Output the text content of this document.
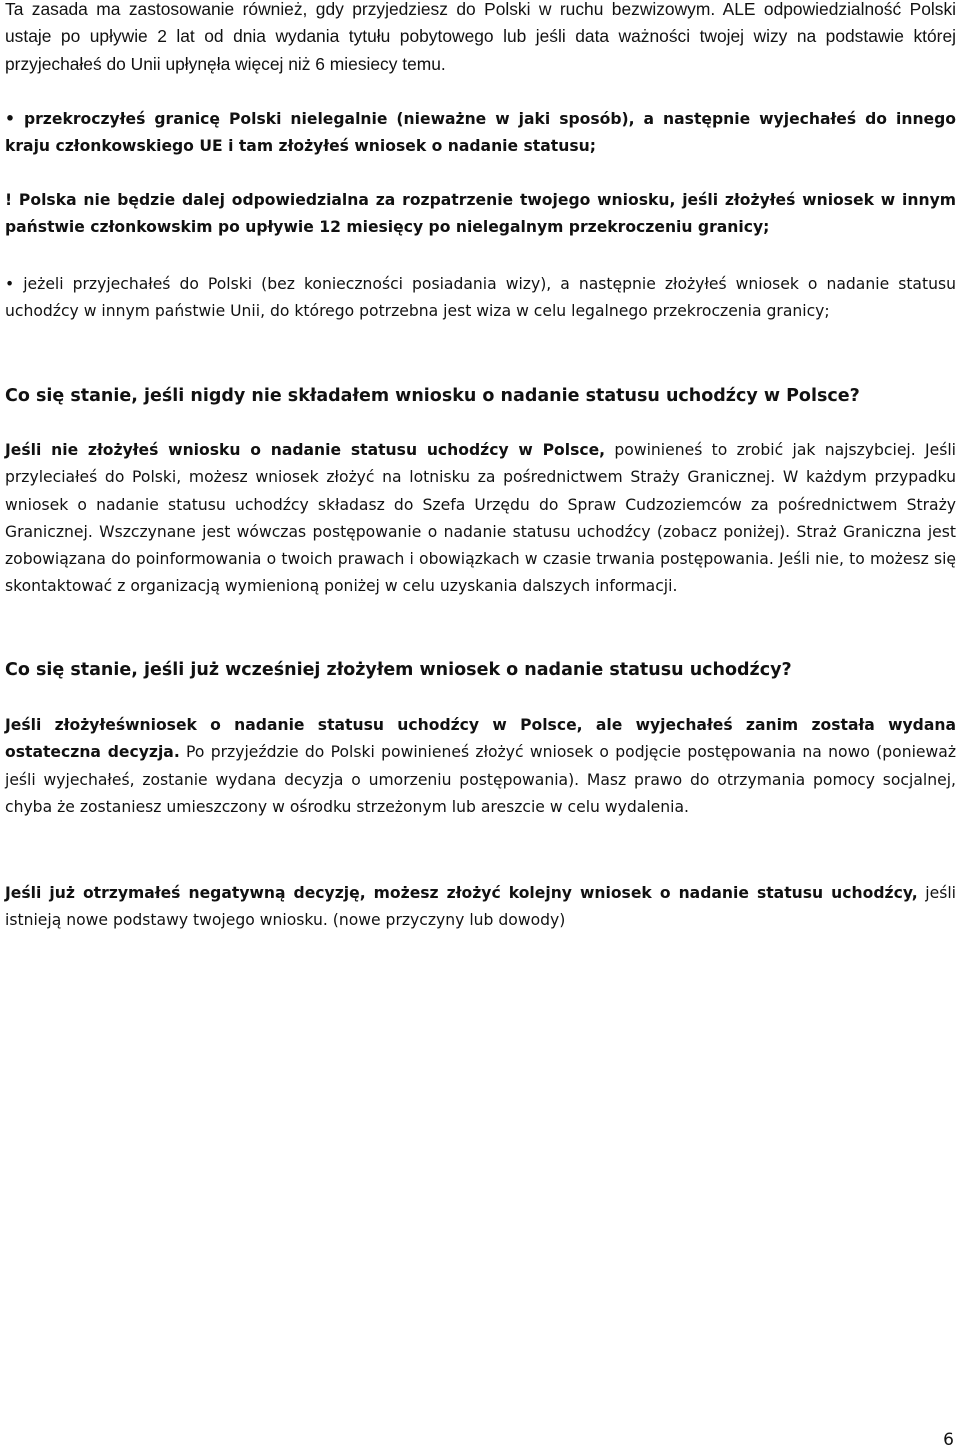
Ta zasada ma zastosowanie również, gdy przyjedziesz do Polski w ruchu bezwizowym. ALE odpowiedzialność Polski ustaje po upływie 2 lat od dnia wydania tytułu pobytowego lub jeśli data ważności twojej wizy na podstawie której przyjechałeś do Unii upłynęła więcej niż 6 miesiecy temu.

• przekroczyłeś granicę Polski nielegalnie (nieważne w jaki sposób), a następnie wyjechałeś do innego kraju członkowskiego UE i tam złożyłeś wniosek o nadanie statusu;

! Polska nie będzie dalej odpowiedzialna za rozpatrzenie twojego wniosku, jeśli złożyłeś wniosek w innym państwie członkowskim po upływie 12 miesięcy po nielegalnym przekroczeniu granicy;

• jeżeli przyjechałeś do Polski (bez konieczności posiadania wizy), a następnie złożyłeś wniosek o nadanie statusu uchodźcy w innym państwie Unii, do którego potrzebna jest wiza w celu legalnego przekroczenia granicy;

Co się stanie, jeśli nigdy nie składałem wniosku o nadanie statusu uchodźcy w Polsce?

Jeśli nie złożyłeś wniosku o nadanie statusu uchodźcy w Polsce, powinieneś to zrobić jak najszybciej. Jeśli przyleciałeś do Polski, możesz wniosek złożyć na lotnisku za pośrednictwem Straży Granicznej. W każdym przypadku wniosek o nadanie statusu uchodźcy składasz do Szefa Urzędu do Spraw Cudzoziemców za pośrednictwem Straży Granicznej. Wszczynane jest wówczas postępowanie o nadanie statusu uchodźcy (zobacz poniżej). Straż Graniczna jest zobowiązana do poinformowania o twoich prawach i obowiązkach w czasie trwania postępowania. Jeśli nie, to możesz się skontaktować z organizacją wymienioną poniżej w celu uzyskania dalszych informacji.

Co się stanie, jeśli już wcześniej złożyłem wniosek o nadanie statusu uchodźcy?

Jeśli złożyłeśwniosek o nadanie statusu uchodźcy w Polsce, ale wyjechałeś zanim została wydana ostateczna decyzja. Po przyjeździe do Polski powinieneś złożyć wniosek o podjęcie postępowania na nowo (ponieważ jeśli wyjechałeś, zostanie wydana decyzja o umorzeniu postępowania). Masz prawo do otrzymania pomocy socjalnej, chyba że zostaniesz umieszczony w ośrodku strzeżonym lub areszcie w celu wydalenia.

Jeśli już otrzymałeś negatywną decyzję, możesz złożyć kolejny wniosek o nadanie statusu uchodźcy, jeśli istnieją nowe podstawy twojego wniosku. (nowe przyczyny lub dowody)

6
